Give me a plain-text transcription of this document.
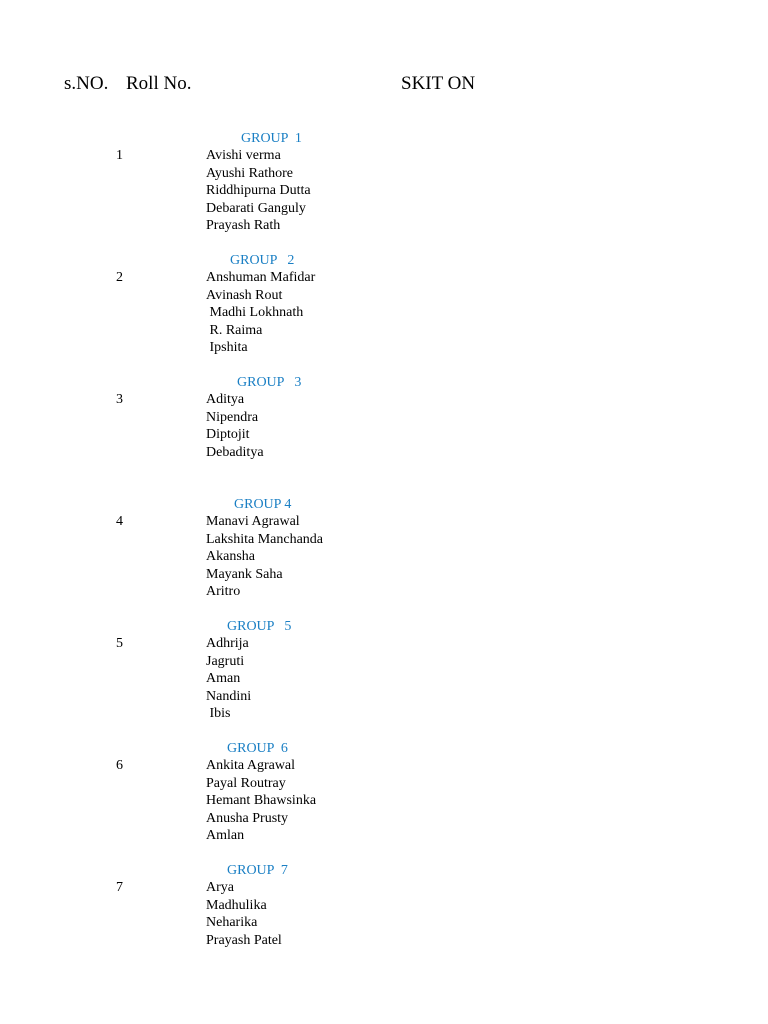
s.NO. Roll No.	SKIT ON
GROUP  1
1	Avishi verma
Ayushi Rathore
Riddhipurna Dutta
Debarati Ganguly
Prayash Rath
GROUP   2
2	Anshuman Mafidar
Avinash Rout
Madhi Lokhnath
R. Raima
Ipshita
GROUP   3
3	Aditya
Nipendra
Diptojit
Debaditya
GROUP 4
4	Manavi Agrawal
Lakshita Manchanda
Akansha
Mayank Saha
Aritro
GROUP   5
5	Adhrija
Jagruti
Aman
Nandini
Ibis
GROUP  6
6	Ankita Agrawal
Payal Routray
Hemant Bhawsinka
Anusha Prusty
Amlan
GROUP  7
7	Arya
Madhulika
Neharika
Prayash Patel
